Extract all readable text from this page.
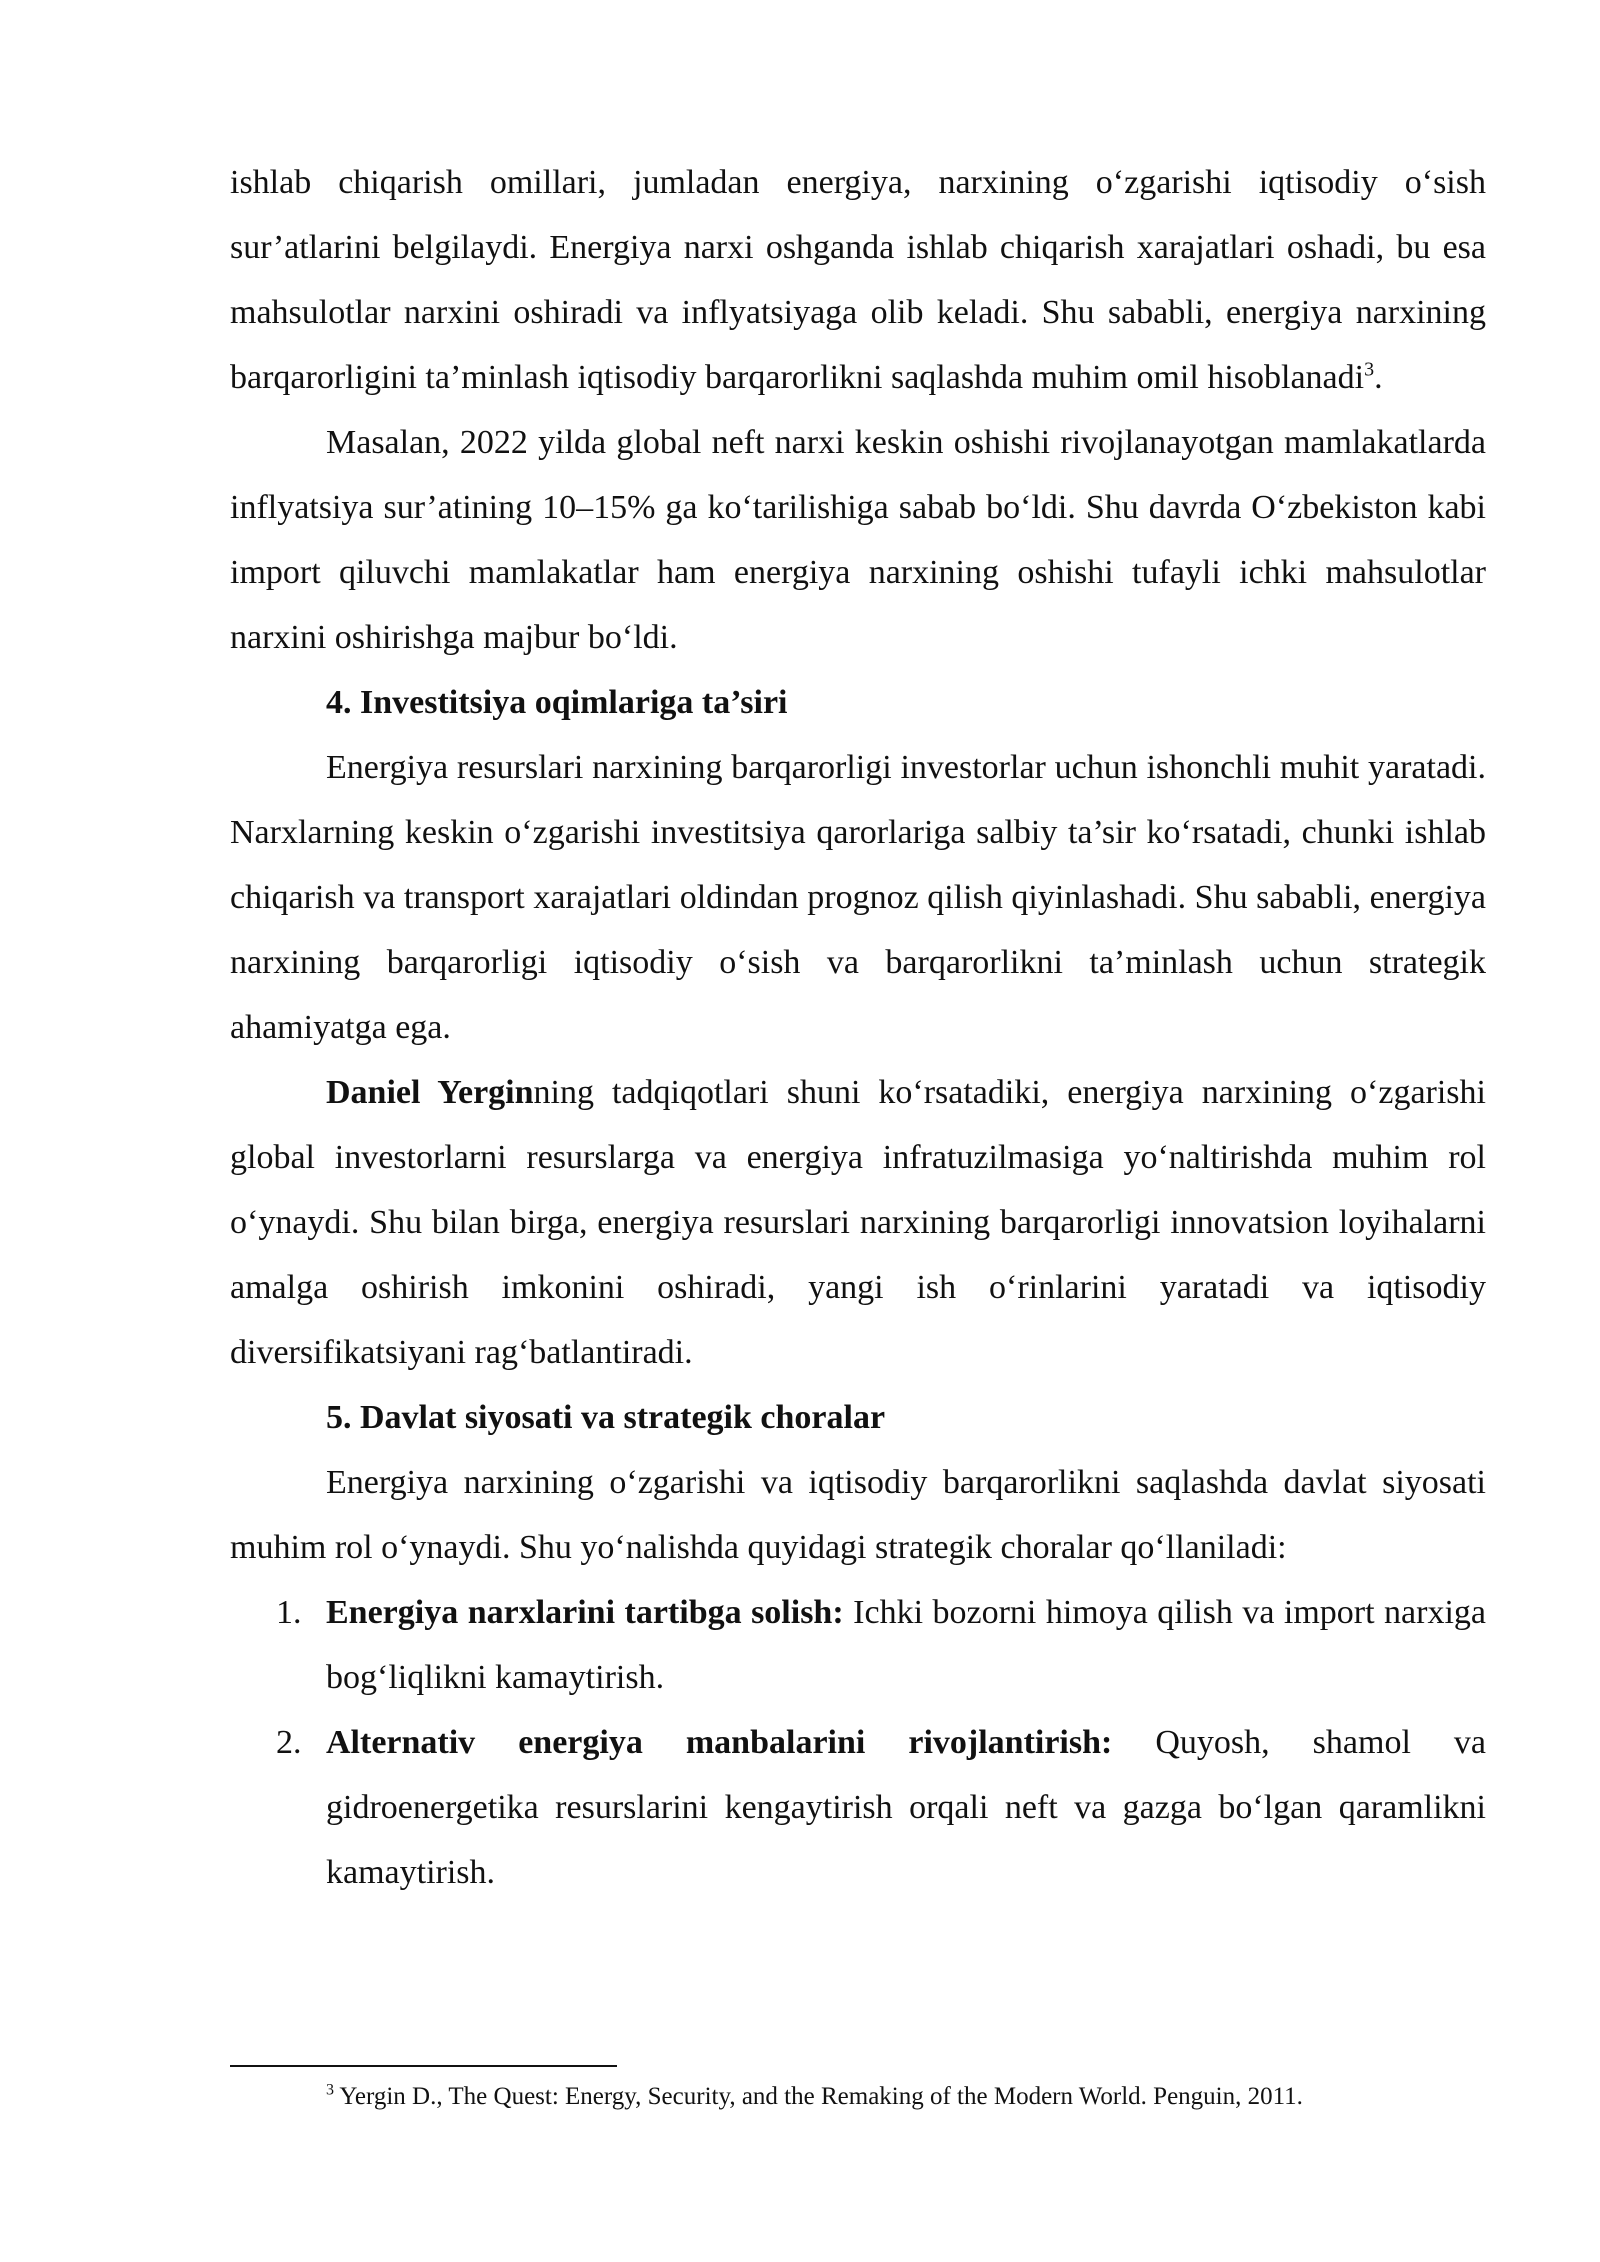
ishlab chiqarish omillari, jumladan energiya, narxining o‘zgarishi iqtisodiy o‘sish sur’atlarini belgilaydi. Energiya narxi oshganda ishlab chiqarish xarajatlari oshadi, bu esa mahsulotlar narxini oshiradi va inflyatsiyaga olib keladi. Shu sababli, energiya narxining barqarorligini ta’minlash iqtisodiy barqarorlikni saqlashda muhim omil hisoblanadi$^3$.

Masalan, 2022 yilda global neft narxi keskin oshishi rivojlanayotgan mamlakatlarda inflyatsiya sur’atining 10–15% ga ko‘tarilishiga sabab bo‘ldi. Shu davrda O‘zbekiston kabi import qiluvchi mamlakatlar ham energiya narxining oshishi tufayli ichki mahsulotlar narxini oshirishga majbur bo‘ldi.

4. Investitsiya oqimlariga ta’siri

Energiya resurslari narxining barqarorligi investorlar uchun ishonchli muhit yaratadi. Narxlarning keskin o‘zgarishi investitsiya qarorlariga salbiy ta’sir ko‘rsatadi, chunki ishlab chiqarish va transport xarajatlari oldindan prognoz qilish qiyinlashadi. Shu sababli, energiya narxining barqarorligi iqtisodiy o‘sish va barqarorlikni ta’minlash uchun strategik ahamiyatga ega.

Daniel Yerginning tadqiqotlari shuni ko‘rsatadiki, energiya narxining o‘zgarishi global investorlarni resurslarga va energiya infratuzilmasiga yo‘naltirishda muhim rol o‘ynaydi. Shu bilan birga, energiya resurslari narxining barqarorligi innovatsion loyihalarni amalga oshirish imkonini oshiradi, yangi ish o‘rinlarini yaratadi va iqtisodiy diversifikatsiyani rag‘batlantiradi.

5. Davlat siyosati va strategik choralar

Energiya narxining o‘zgarishi va iqtisodiy barqarorlikni saqlashda davlat siyosati muhim rol o‘ynaydi. Shu yo‘nalishda quyidagi strategik choralar qo‘llaniladi:

1. Energiya narxlarini tartibga solish: Ichki bozorni himoya qilish va import narxiga bog‘liqlikni kamaytirish.
2. Alternativ energiya manbalarini rivojlantirish: Quyosh, shamol va gidroenergetika resurslarini kengaytirish orqali neft va gazga bo‘lgan qaramlikni kamaytirish.

$^3$ Yergin D., The Quest: Energy, Security, and the Remaking of the Modern World. Penguin, 2011.
